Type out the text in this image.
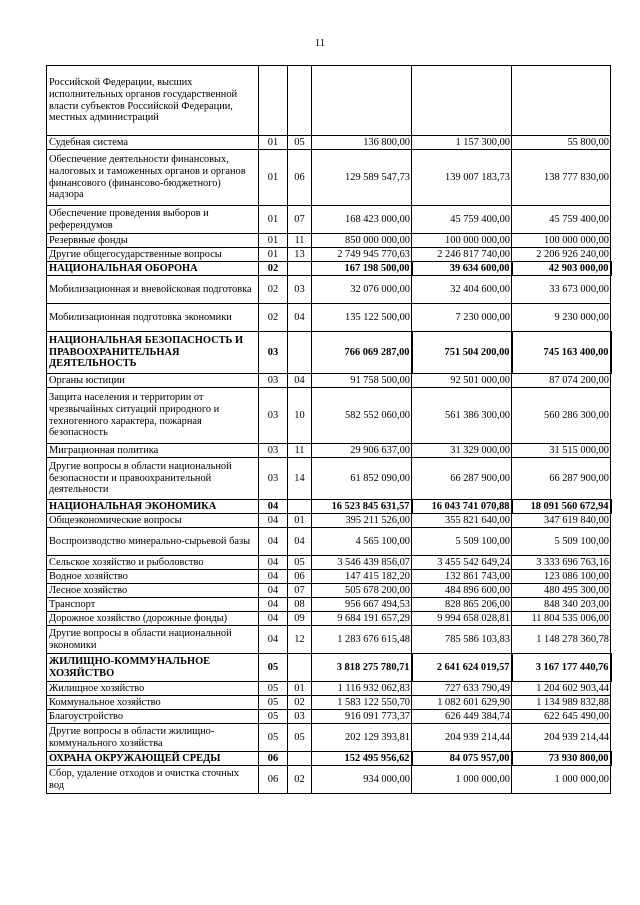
11
Российской Федерации, высших исполнительных органов государственной власти субъектов Российской Федерации, местных администраций					
Судебная система	01	05	136 800,00	1 157 300,00	55 800,00
Обеспечение деятельности финансовых, налоговых и таможенных органов и органов финансового (финансово-бюджетного) надзора	01	06	129 589 547,73	139 007 183,73	138 777 830,00
Обеспечение проведения выборов и референдумов	01	07	168 423 000,00	45 759 400,00	45 759 400,00
Резервные фонды	01	11	850 000 000,00	100 000 000,00	100 000 000,00
Другие общегосударственные вопросы	01	13	2 749 945 770,63	2 246 817 740,00	2 206 926 240,00
НАЦИОНАЛЬНАЯ ОБОРОНА	02		167 198 500,00	39 634 600,00	42 903 000,00
Мобилизационная и вневойсковая подготовка	02	03	32 076 000,00	32 404 600,00	33 673 000,00
Мобилизационная подготовка экономики	02	04	135 122 500,00	7 230 000,00	9 230 000,00
НАЦИОНАЛЬНАЯ БЕЗОПАСНОСТЬ И ПРАВООХРАНИТЕЛЬНАЯ ДЕЯТЕЛЬНОСТЬ	03		766 069 287,00	751 504 200,00	745 163 400,00
Органы юстиции	03	04	91 758 500,00	92 501 000,00	87 074 200,00
Защита населения и территории от чрезвычайных ситуаций природного и техногенного характера, пожарная безопасность	03	10	582 552 060,00	561 386 300,00	560 286 300,00
Миграционная политика	03	11	29 906 637,00	31 329 000,00	31 515 000,00
Другие вопросы в области национальной безопасности и правоохранительной деятельности	03	14	61 852 090,00	66 287 900,00	66 287 900,00
НАЦИОНАЛЬНАЯ ЭКОНОМИКА	04		16 523 845 631,57	16 043 741 070,88	18 091 560 672,94
Общеэкономические вопросы	04	01	395 211 526,00	355 821 640,00	347 619 840,00
Воспроизводство минерально-сырьевой базы	04	04	4 565 100,00	5 509 100,00	5 509 100,00
Сельское хозяйство и рыболовство	04	05	3 546 439 856,07	3 455 542 649,24	3 333 696 763,16
Водное хозяйство	04	06	147 415 182,20	132 861 743,00	123 086 100,00
Лесное хозяйство	04	07	505 678 200,00	484 896 600,00	480 495 300,00
Транспорт	04	08	956 667 494,53	828 865 206,00	848 340 203,00
Дорожное хозяйство (дорожные фонды)	04	09	9 684 191 657,29	9 994 658 028,81	11 804 535 006,00
Другие вопросы в области национальной экономики	04	12	1 283 676 615,48	785 586 103,83	1 148 278 360,78
ЖИЛИЩНО-КОММУНАЛЬНОЕ ХОЗЯЙСТВО	05		3 818 275 780,71	2 641 624 019,57	3 167 177 440,76
Жилищное хозяйство	05	01	1 116 932 062,83	727 633 790,49	1 204 602 903,44
Коммунальное хозяйство	05	02	1 583 122 550,70	1 082 601 629,90	1 134 989 832,88
Благоустройство	05	03	916 091 773,37	626 449 384,74	622 645 490,00
Другие вопросы в области жилищно-коммунального хозяйства	05	05	202 129 393,81	204 939 214,44	204 939 214,44
ОХРАНА ОКРУЖАЮЩЕЙ СРЕДЫ	06		152 495 956,62	84 075 957,00	73 930 800,00
Сбор, удаление отходов и очистка сточных вод	06	02	934 000,00	1 000 000,00	1 000 000,00
